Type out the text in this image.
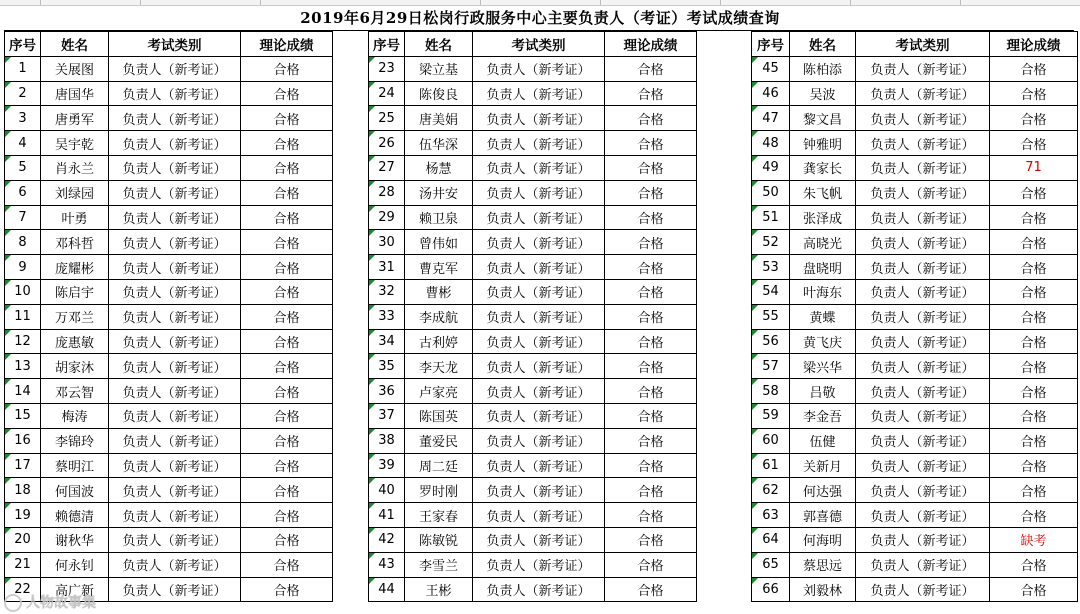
2019年6月29日松岗行政服务中心主要负责人（考证）考试成绩查询
序号	姓名	考试类别	理论成绩

1	关展图	负责人（新考证）	合格

2	唐国华	负责人（新考证）	合格

3	唐勇军	负责人（新考证）	合格

4	吴宇乾	负责人（新考证）	合格

5	肖永兰	负责人（新考证）	合格

6	刘绿园	负责人（新考证）	合格

7	叶勇	负责人（新考证）	合格

8	邓科哲	负责人（新考证）	合格

9	庞耀彬	负责人（新考证）	合格

10	陈启宇	负责人（新考证）	合格

11	万邓兰	负责人（新考证）	合格

12	庞惠敏	负责人（新考证）	合格

13	胡家沐	负责人（新考证）	合格

14	邓云智	负责人（新考证）	合格

15	梅涛	负责人（新考证）	合格

16	李锦玲	负责人（新考证）	合格

17	蔡明江	负责人（新考证）	合格

18	何国波	负责人（新考证）	合格

19	赖德清	负责人（新考证）	合格

20	谢秋华	负责人（新考证）	合格

21	何永钊	负责人（新考证）	合格

22	高广新	负责人（新考证）	合格
序号	姓名	考试类别	理论成绩

23	梁立基	负责人（新考证）	合格

24	陈俊良	负责人（新考证）	合格

25	唐美娟	负责人（新考证）	合格

26	伍华深	负责人（新考证）	合格

27	杨慧	负责人（新考证）	合格

28	汤井安	负责人（新考证）	合格

29	赖卫泉	负责人（新考证）	合格

30	曾伟如	负责人（新考证）	合格

31	曹克军	负责人（新考证）	合格

32	曹彬	负责人（新考证）	合格

33	李成航	负责人（新考证）	合格

34	古利婷	负责人（新考证）	合格

35	李天龙	负责人（新考证）	合格

36	卢家亮	负责人（新考证）	合格

37	陈国英	负责人（新考证）	合格

38	董爱民	负责人（新考证）	合格

39	周二廷	负责人（新考证）	合格

40	罗时刚	负责人（新考证）	合格

41	王家春	负责人（新考证）	合格

42	陈敏锐	负责人（新考证）	合格

43	李雪兰	负责人（新考证）	合格

44	王彬	负责人（新考证）	合格
序号	姓名	考试类别	理论成绩

45	陈柏添	负责人（新考证）	合格

46	吴波	负责人（新考证）	合格

47	黎文昌	负责人（新考证）	合格

48	钟雅明	负责人（新考证）	合格

49	龚家长	负责人（新考证）	71

50	朱飞帆	负责人（新考证）	合格

51	张泽成	负责人（新考证）	合格

52	高晓光	负责人（新考证）	合格

53	盘晓明	负责人（新考证）	合格

54	叶海东	负责人（新考证）	合格

55	黄蝶	负责人（新考证）	合格

56	黄飞庆	负责人（新考证）	合格

57	梁兴华	负责人（新考证）	合格

58	吕敬	负责人（新考证）	合格

59	李金吾	负责人（新考证）	合格

60	伍健	负责人（新考证）	合格

61	关新月	负责人（新考证）	合格

62	何达强	负责人（新考证）	合格

63	郭喜德	负责人（新考证）	合格

64	何海明	负责人（新考证）	缺考

65	蔡思远	负责人（新考证）	合格

66	刘毅林	负责人（新考证）	合格
人物故事集
